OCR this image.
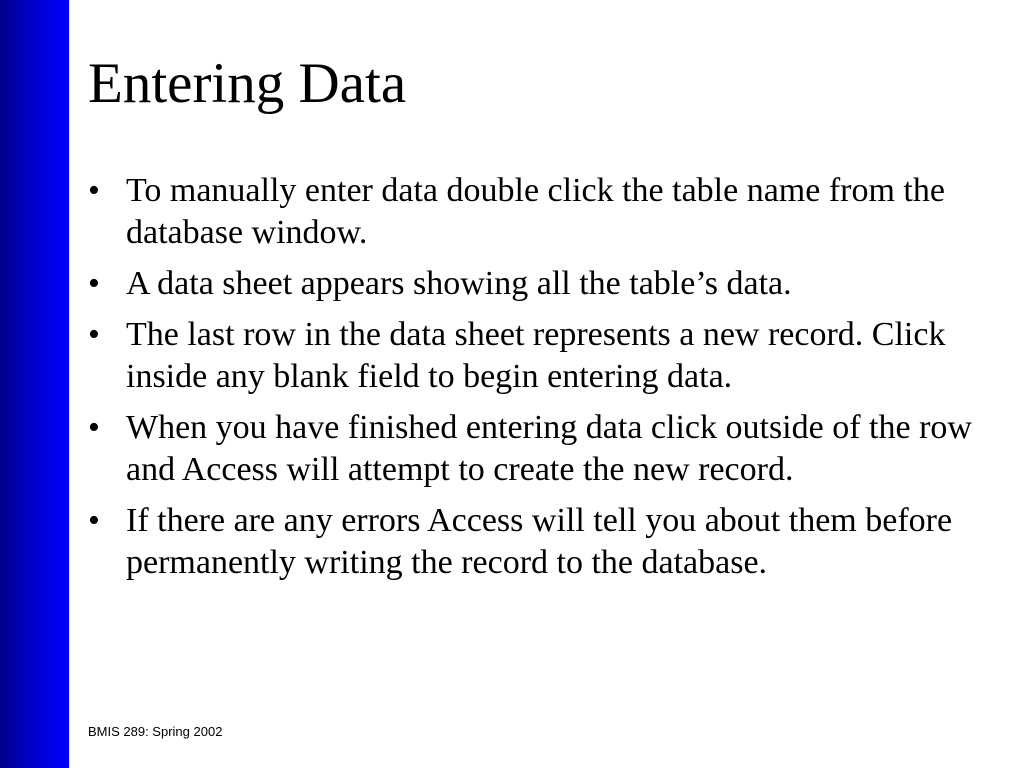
Entering Data
• To manually enter data double click the table name from the database window.
• A data sheet appears showing all the table’s data.
• The last row in the data sheet represents a new record. Click inside any blank field to begin entering data.
• When you have finished entering data click outside of the row and Access will attempt to create the new record.
• If there are any errors Access will tell you about them before permanently writing the record to the database.
BMIS 289: Spring 2002
